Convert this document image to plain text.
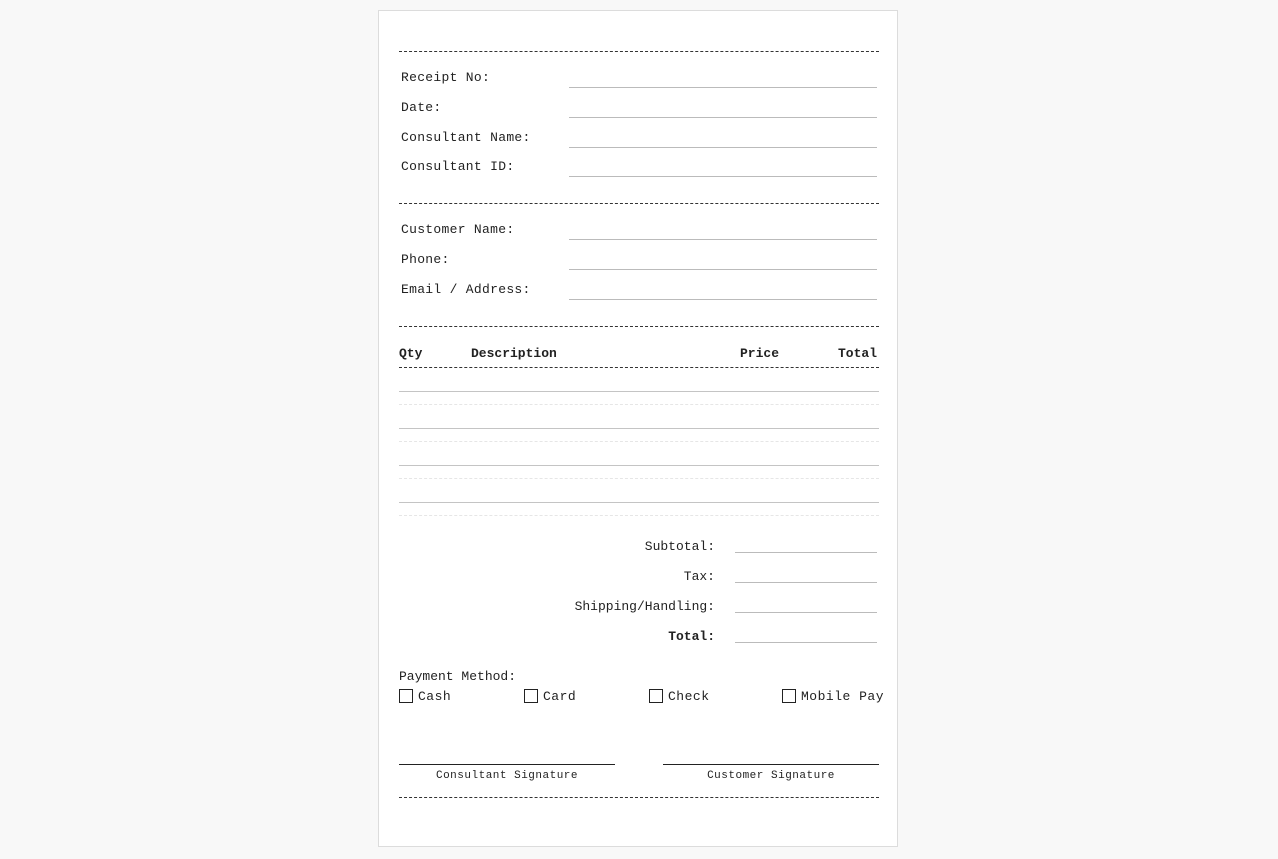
Receipt No:
Date:
Consultant Name:
Consultant ID:
Customer Name:
Phone:
Email / Address:
Qty	Description	Price	Total
Subtotal:
Tax:
Shipping/Handling:
Total:
Payment Method:
Cash	Card	Check	Mobile Pay
Consultant Signature	Customer Signature
